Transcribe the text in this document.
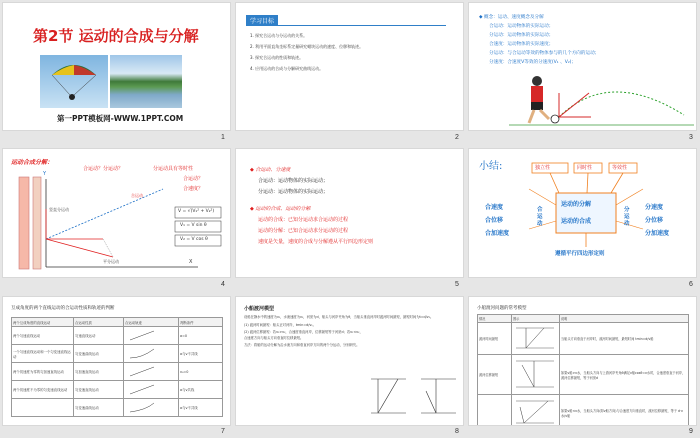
第2节 运动的合成与分解
第一PPT模板网-WWW.1PPT.COM
1
学习目标
1. 探究合运动与分运动的关系。
2. 利用平面直角坐标系定量研究蜡块运动的速度、位移和轨迹。
3. 探究合运动的性质和轨迹。
4. 应用运动的合成与分解研究曲线运动。
2
◆ 概念：运动、速度概念及分解
合运动：运动物体的实际运动；
分运动：运动物体的实际运动；
合速度：运动物体的实际速度；
分运动：与合运动等效的物体参与的几个方向的运动；
分速度：合速度V等效的分速度(V₁ 、V₂)；
3
运动合成分解：
合运动？分运动？	分运动具有等时性
合运动？
合速度？
Y
X
竖直分运动
平分运动
合运动
V = √(V₁² + V₂²)
V₁ = V sin θ
V₂ = V cos θ
4
◆ 合运动、分速度
合运动：运动物体的实际运动；
分运动：运动物体的实际运动；
◆ 运动的合成、运动的分解
运动的合成：已知分运动求合运动的过程
运动的分解：已知合运动求分运动的过程
速度是矢量，速度的合成与分解遵从平行四边形定则
5
小结:	独立性	同时性	等效性
运动的分解
运动的合成
合速度
合位移
合加速度
合
运
动
分
运
动
分速度
分位移
分加速度
遵循平行四边形定则
6
互成角度的两个直线运动的合运动性质和轨迹的判断
两个互成角度的直线运动	合运动性质	合运动轨迹	判断条件
两个匀速直线运动	匀速直线运动		a=0
一个匀速直线运动和一个匀变速直线运动	匀变速曲线运动		a与v不共线
两个初速度为零的匀加速直线运动	匀加速直线运动		v₀=0
两个初速度不为零的匀变速直线运动	匀变速直线运动		a与v共线
	匀变速曲线运动		a与v不共线
7
小船渡河模型
设船在静水中的速度为v₁，水流速度为v₂，河宽为d，船头与河岸夹角为θ，当船头垂直河岸时渡河时间最短，最短时间为t=d/v₁。
(1) 渡河时间最短：船头正对河岸，tmin=d/v₁。
(2) 渡河位移最短：若v₁>v₂，合速度垂直河岸，位移最短等于河宽d；若v₁<v₂，合速度方向与船头方向垂直时位移最短。
方法：将船的运动分解为沿水流方向和垂直河岸方向的两个分运动，分别研究。
8
小船渡河问题的常考模型
情况	图示	说明
渡河时间最短		当船头方向垂直于河岸时，渡河时间最短，最短时间 tmin=d/v船
渡河位移最短		如果v船>v水，当船头方向与上游河岸夹角θ满足v船cosθ=v水时，合速度垂直于河岸，渡河位移最短，等于河宽d
		如果v船<v水，当船头方向(即v船方向)与合速度方向垂直时，渡河位移最短，等于 d·v水/v船
9
